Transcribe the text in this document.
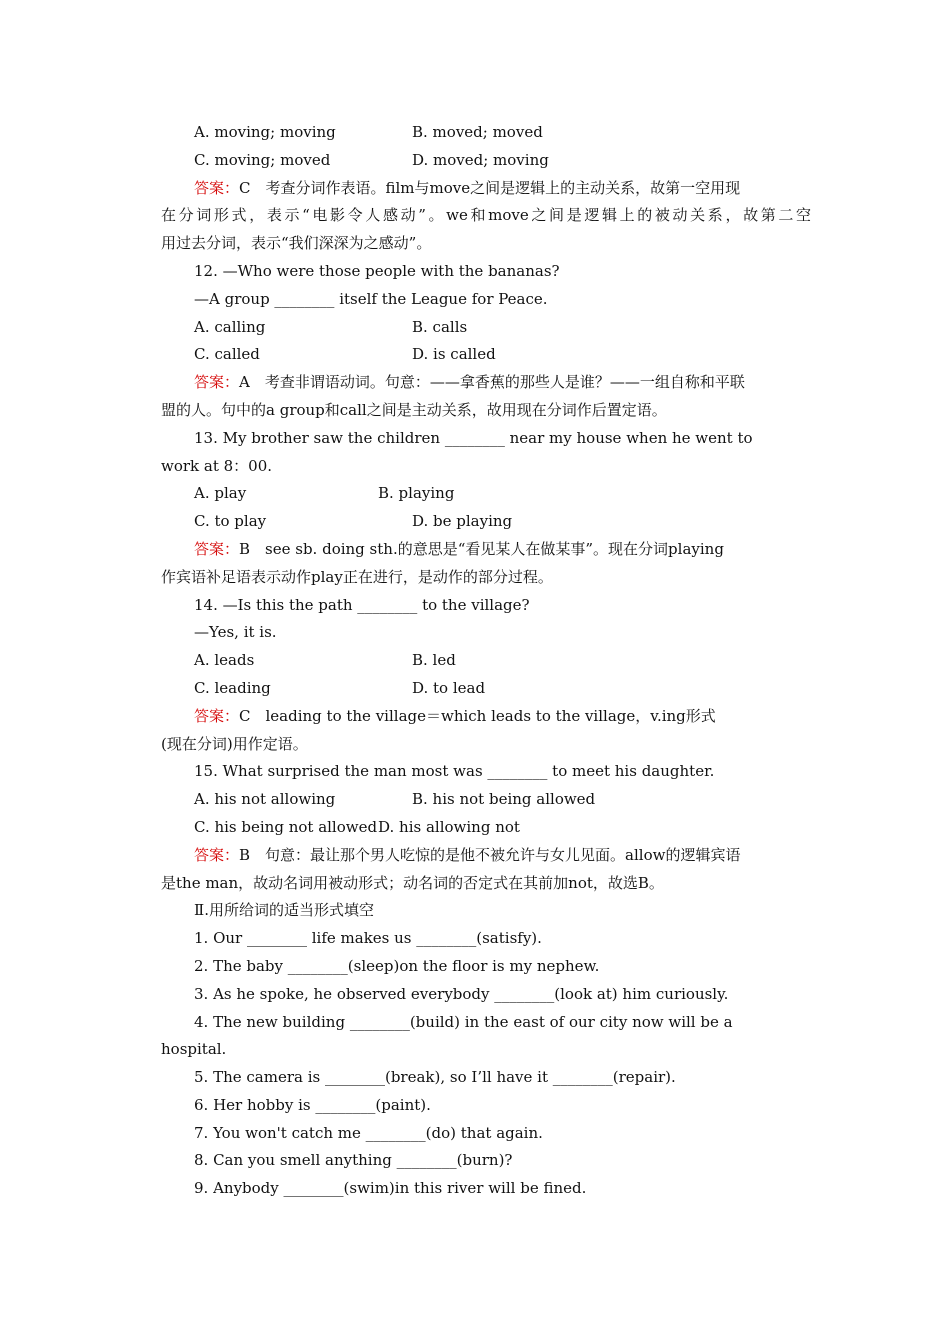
A. moving; moving	B. moved; moved
C. moving; moved	D. moved; moving
答案：C　考查分词作表语。film与move之间是逻辑上的主动关系，故第一空用现
在分词形式，表示“电影令人感动”。we和move之间是逻辑上的被动关系，故第二空
用过去分词，表示“我们深深为之感动”。
12. —Who were those people with the bananas?
—A group ________ itself the League for Peace.
A. calling	B. calls
C. called	D. is called
答案：A　考查非谓语动词。句意：——拿香蕉的那些人是谁？——一组自称和平联
盟的人。句中的a group和call之间是主动关系，故用现在分词作后置定语。
13. My brother saw the children ________ near my house when he went to
work at 8：00.
A. play	B. playing
C. to play	D. be playing
答案：B　see sb. doing sth.的意思是“看见某人在做某事”。现在分词playing
作宾语补足语表示动作play正在进行，是动作的部分过程。
14. —Is this the path ________ to the village?
—Yes, it is.
A. leads	B. led
C. leading	D. to lead
答案：C　leading to the village＝which leads to the village，v.ing形式
(现在分词)用作定语。
15. What surprised the man most was ________ to meet his daughter.
A. his not allowing	B. his not being allowed
C. his being not allowed D. his allowing not
答案：B　句意：最让那个男人吃惊的是他不被允许与女儿见面。allow的逻辑宾语
是the man，故动名词用被动形式；动名词的否定式在其前加not，故选B。
Ⅱ.用所给词的适当形式填空
1. Our ________ life makes us ________(satisfy).
2. The baby ________(sleep)on the floor is my nephew.
3. As he spoke, he observed everybody ________(look at) him curiously.
4. The new building ________(build) in the east of our city now will be a
hospital.
5. The camera is ________(break), so I’ll have it ________(repair).
6. Her hobby is ________(paint).
7. You won't catch me ________(do) that again.
8. Can you smell anything ________(burn)?
9. Anybody ________(swim)in this river will be fined.
